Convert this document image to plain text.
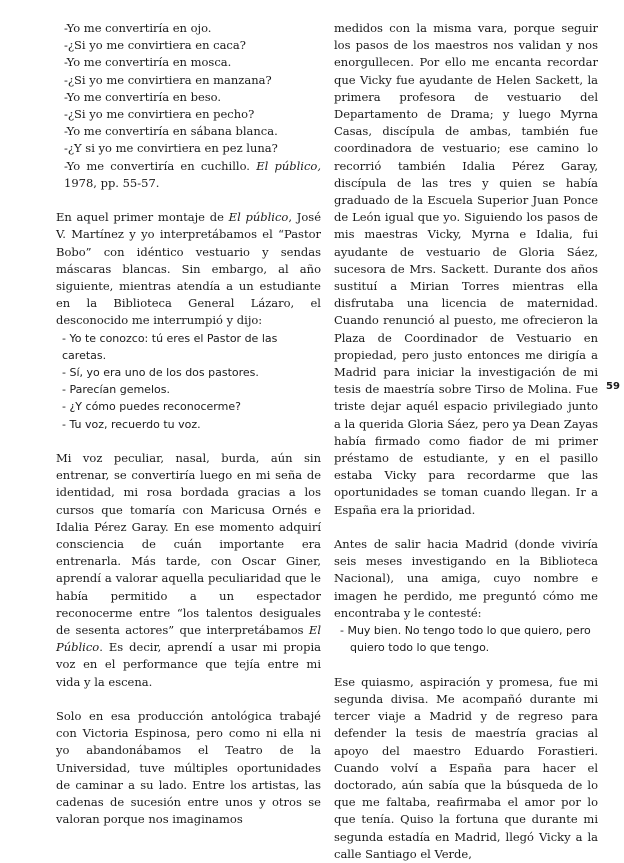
-Yo me convertiría en ojo.
-¿Si yo me convirtiera en caca?
-Yo me convertiría en mosca.
-¿Si yo me convirtiera en manzana?
-Yo me convertiría en beso.
-¿Si yo me convirtiera en pecho?
-Yo me convertiría en sábana blanca.
-¿Y si yo me convirtiera en pez luna?

-Yo me convertiría en cuchillo. El público, 1978, pp. 55-57.

En aquel primer montaje de El público, José V. Martínez y yo interpretábamos el “Pastor Bobo” con idéntico vestuario y sendas máscaras blancas. Sin embargo, al año siguiente, mientras atendía a un estudiante en la Biblioteca General Lázaro, el desconocido me interrumpió y dijo:

- Yo te conozco: tú eres el Pastor de las caretas.
- Sí, yo era uno de los dos pastores.
- Parecían gemelos.
- ¿Y cómo puedes reconocerme?
- Tu voz, recuerdo tu voz.

Mi voz peculiar, nasal, burda, aún sin entrenar, se convertiría luego en mi seña de identidad, mi rosa bordada gracias a los cursos que tomaría con Maricusa Ornés e Idalia Pérez Garay. En ese momento adquirí consciencia de cuán importante era entrenarla. Más tarde, con Oscar Giner, aprendí a valorar aquella peculiaridad que le había permitido a un espectador reconocerme entre “los talentos desiguales de sesenta actores” que interpretábamos El Público. Es decir, aprendí a usar mi propia voz en el performance que tejía entre mi vida y la escena.

Solo en esa producción antológica trabajé con Victoria Espinosa, pero como ni ella ni yo abandonábamos el Teatro de la Universidad, tuve múltiples oportunidades de caminar a su lado. Entre los artistas, las cadenas de sucesión entre unos y otros se valoran porque nos imaginamos

medidos con la misma vara, porque seguir los pasos de los maestros nos validan y nos enorgullecen. Por ello me encanta recordar que Vicky fue ayudante de Helen Sackett, la primera profesora de vestuario del Departamento de Drama; y luego Myrna Casas, discípula de ambas, también fue coordinadora de vestuario; ese camino lo recorrió también Idalia Pérez Garay, discípula de las tres y quien se había graduado de la Escuela Superior Juan Ponce de León igual que yo. Siguiendo los pasos de mis maestras Vicky, Myrna e Idalia, fui ayudante de vestuario de Gloria Sáez, sucesora de Mrs. Sackett. Durante dos años sustituí a Mirian Torres mientras ella disfrutaba una licencia de maternidad. Cuando renunció al puesto, me ofrecieron la Plaza de Coordinador de Vestuario en propiedad, pero justo entonces me dirigía a Madrid para iniciar la investigación de mi tesis de maestría sobre Tirso de Molina. Fue triste dejar aquél espacio privilegiado junto a la querida Gloria Sáez, pero ya Dean Zayas había firmado como fiador de mi primer préstamo de estudiante, y en el pasillo estaba Vicky para recordarme que las oportunidades se toman cuando llegan. Ir a España era la prioridad.

Antes de salir hacia Madrid (donde viviría seis meses investigando en la Biblioteca Nacional), una amiga, cuyo nombre e imagen he perdido, me preguntó cómo me encontraba y le contesté:

- Muy bien. No tengo todo lo que quiero, pero quiero todo lo que tengo.

Ese quiasmo, aspiración y promesa, fue mi segunda divisa. Me acompañó durante mi tercer viaje a Madrid y de regreso para defender la tesis de maestría gracias al apoyo del maestro Eduardo Forastieri. Cuando volví a España para hacer el doctorado, aún sabía que la búsqueda de lo que me faltaba, reafirmaba el amor por lo que tenía. Quiso la fortuna que durante mi segunda estadía en Madrid, llegó Vicky a la calle Santiago el Verde,

59
